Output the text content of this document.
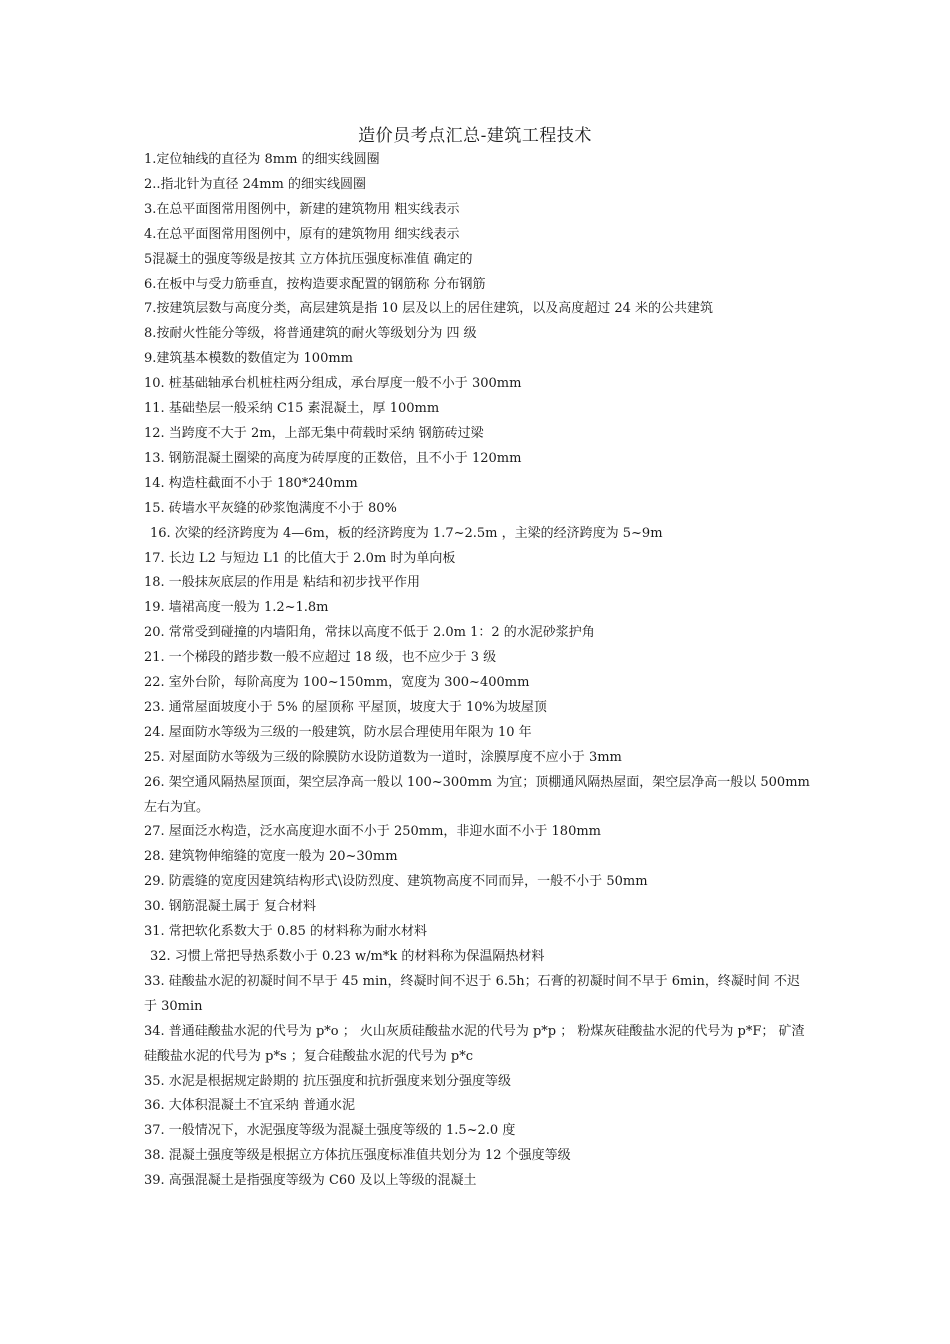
造价员考点汇总-建筑工程技术
1.定位轴线的直径为 8mm 的细实线圆圈
2..指北针为直径 24mm 的细实线圆圈
3.在总平面图常用图例中，新建的建筑物用 粗实线表示
4.在总平面图常用图例中，原有的建筑物用 细实线表示
5混凝土的强度等级是按其 立方体抗压强度标准值 确定的
6.在板中与受力筋垂直，按构造要求配置的钢筋称 分布钢筋
7.按建筑层数与高度分类，高层建筑是指 10 层及以上的居住建筑，以及高度超过 24 米的公共建筑
8.按耐火性能分等级，将普通建筑的耐火等级划分为 四 级
9.建筑基本模数的数值定为 100mm
10. 桩基础轴承台机桩柱两分组成，承台厚度一般不小于 300mm
11. 基础垫层一般采纳 C15 素混凝土，厚 100mm
12. 当跨度不大于 2m，上部无集中荷载时采纳 钢筋砖过梁
13. 钢筋混凝土圈梁的高度为砖厚度的正数倍，且不小于 120mm
14. 构造柱截面不小于 180*240mm
15. 砖墙水平灰缝的砂浆饱满度不小于 80%
16. 次梁的经济跨度为 4—6m，板的经济跨度为 1.7~2.5m ，主梁的经济跨度为 5~9m
17. 长边 L2 与短边 L1 的比值大于 2.0m 时为单向板
18. 一般抹灰底层的作用是 粘结和初步找平作用
19. 墙裙高度一般为 1.2~1.8m
20. 常常受到碰撞的内墙阳角，常抹以高度不低于 2.0m 1：2 的水泥砂浆护角
21. 一个梯段的踏步数一般不应超过 18 级，也不应少于 3 级
22. 室外台阶，每阶高度为 100~150mm，宽度为 300~400mm
23. 通常屋面坡度小于 5% 的屋顶称 平屋顶，坡度大于 10%为坡屋顶
24. 屋面防水等级为三级的一般建筑，防水层合理使用年限为 10 年
25. 对屋面防水等级为三级的除膜防水设防道数为一道时，涂膜厚度不应小于 3mm
26. 架空通风隔热屋顶面，架空层净高一般以 100~300mm 为宜；顶棚通风隔热屋面，架空层净高一般以 500mm 左右为宜。
27. 屋面泛水构造，泛水高度迎水面不小于 250mm，非迎水面不小于 180mm
28. 建筑物伸缩缝的宽度一般为 20~30mm
29. 防震缝的宽度因建筑结构形式\设防烈度、建筑物高度不同而异，一般不小于 50mm
30. 钢筋混凝土属于 复合材料
31. 常把软化系数大于 0.85 的材料称为耐水材料
32. 习惯上常把导热系数小于 0.23 w/m*k 的材料称为保温隔热材料
33. 硅酸盐水泥的初凝时间不早于 45 min，终凝时间不迟于 6.5h；石膏的初凝时间不早于 6min，终凝时间 不迟于 30min
34. 普通硅酸盐水泥的代号为 p*o ； 火山灰质硅酸盐水泥的代号为 p*p ； 粉煤灰硅酸盐水泥的代号为 p*F； 矿渣硅酸盐水泥的代号为 p*s ；复合硅酸盐水泥的代号为 p*c
35. 水泥是根据规定龄期的 抗压强度和抗折强度来划分强度等级
36. 大体积混凝土不宜采纳 普通水泥
37. 一般情况下，水泥强度等级为混凝土强度等级的 1.5~2.0 度
38. 混凝土强度等级是根据立方体抗压强度标准值共划分为 12 个强度等级
39. 高强混凝土是指强度等级为 C60 及以上等级的混凝土
